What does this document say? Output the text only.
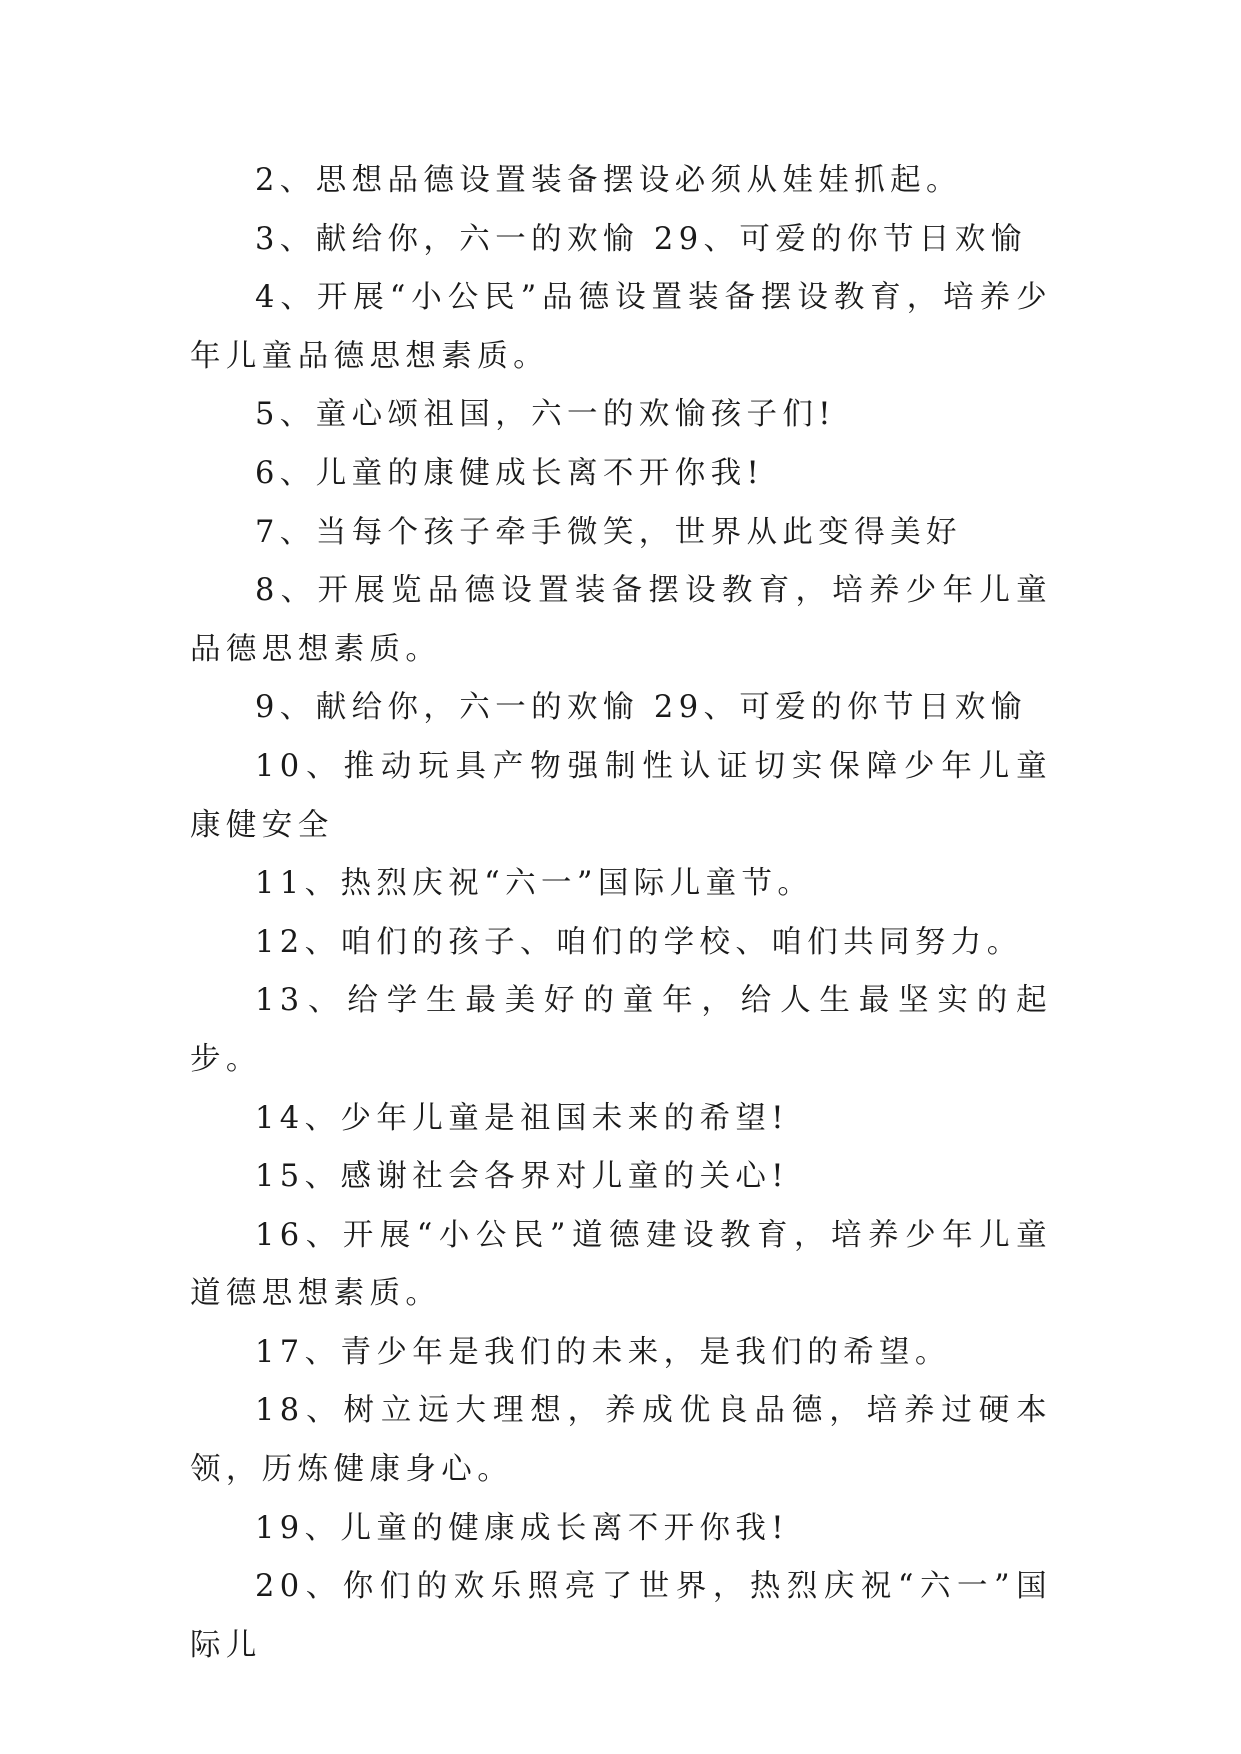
2、思想品德设置装备摆设必须从娃娃抓起。

3、献给你，六一的欢愉 29、可爱的你节日欢愉

4、开展“小公民”品德设置装备摆设教育，培养少年儿童品德思想素质。

5、童心颂祖国，六一的欢愉孩子们!

6、儿童的康健成长离不开你我!

7、当每个孩子牵手微笑，世界从此变得美好

8、开展览品德设置装备摆设教育，培养少年儿童品德思想素质。

9、献给你，六一的欢愉 29、可爱的你节日欢愉

10、推动玩具产物强制性认证切实保障少年儿童康健安全

11、热烈庆祝“六一”国际儿童节。

12、咱们的孩子、咱们的学校、咱们共同努力。

13、给学生最美好的童年，给人生最坚实的起步。

14、少年儿童是祖国未来的希望!

15、感谢社会各界对儿童的关心!

16、开展“小公民”道德建设教育，培养少年儿童道德思想素质。

17、青少年是我们的未来，是我们的希望。

18、树立远大理想，养成优良品德，培养过硬本领，历炼健康身心。

19、儿童的健康成长离不开你我!

20、你们的欢乐照亮了世界，热烈庆祝“六一”国际儿
